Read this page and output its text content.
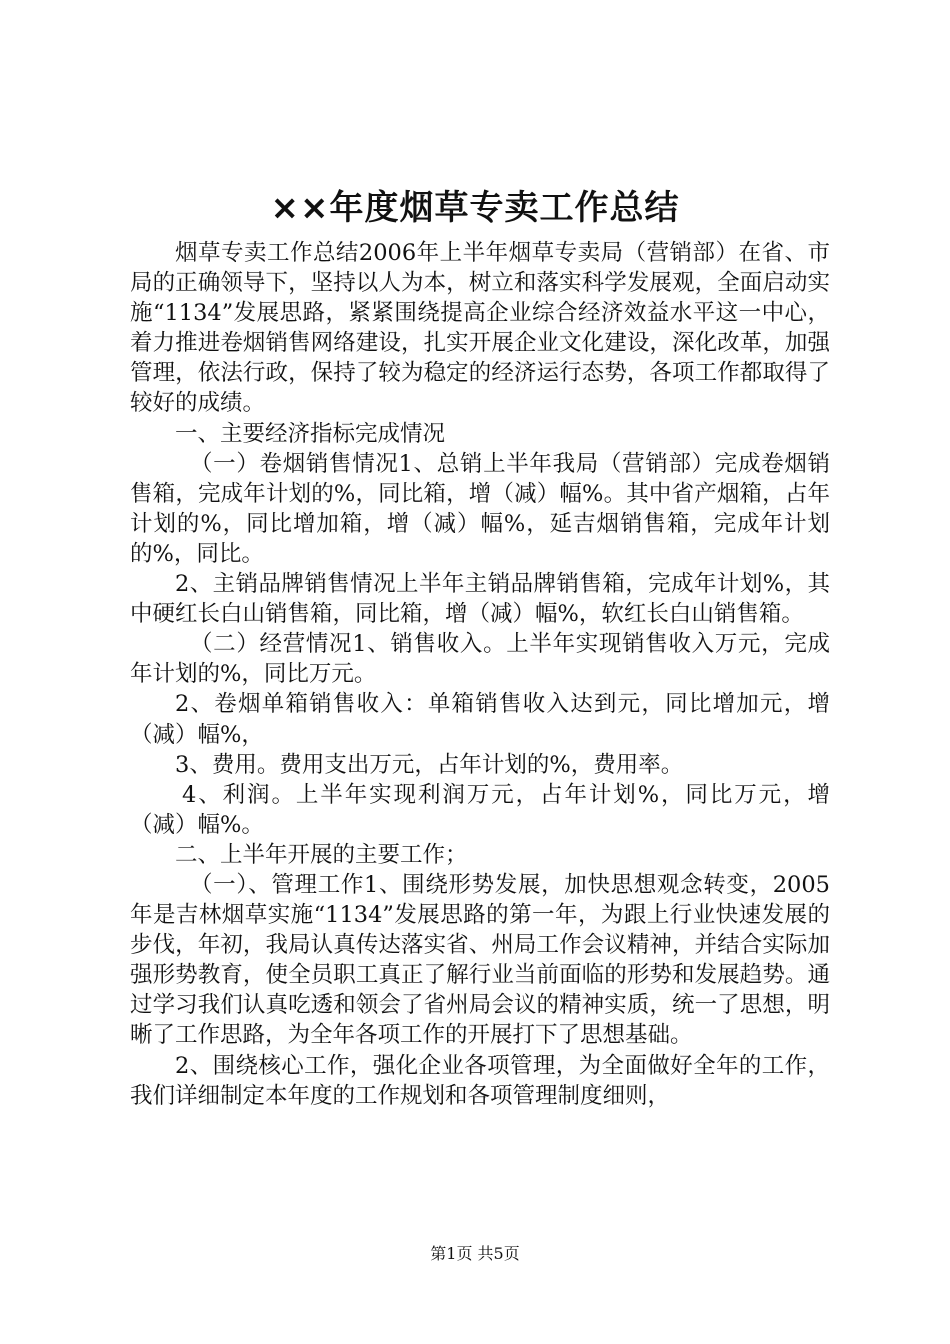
××年度烟草专卖工作总结

烟草专卖工作总结2006年上半年烟草专卖局（营销部）在省、市局的正确领导下，坚持以人为本，树立和落实科学发展观，全面启动实施“1134”发展思路，紧紧围绕提高企业综合经济效益水平这一中心，着力推进卷烟销售网络建设，扎实开展企业文化建设，深化改革，加强管理，依法行政，保持了较为稳定的经济运行态势，各项工作都取得了较好的成绩。

一、主要经济指标完成情况

（一）卷烟销售情况1、总销上半年我局（营销部）完成卷烟销售箱，完成年计划的%，同比箱，增（减）幅%。其中省产烟箱，占年计划的%，同比增加箱，增（减）幅%，延吉烟销售箱，完成年计划的%，同比。

2、主销品牌销售情况上半年主销品牌销售箱，完成年计划%，其中硬红长白山销售箱，同比箱，增（减）幅%，软红长白山销售箱。

（二）经营情况1、销售收入。上半年实现销售收入万元，完成年计划的%，同比万元。

2、卷烟单箱销售收入：单箱销售收入达到元，同比增加元，增（减）幅%，

3、费用。费用支出万元，占年计划的%，费用率。

4、利润。上半年实现利润万元，占年计划%，同比万元，增（减）幅%。

二、上半年开展的主要工作；

（一）、管理工作1、围绕形势发展，加快思想观念转变，2005年是吉林烟草实施“1134”发展思路的第一年，为跟上行业快速发展的步伐，年初，我局认真传达落实省、州局工作会议精神，并结合实际加强形势教育，使全员职工真正了解行业当前面临的形势和发展趋势。通过学习我们认真吃透和领会了省州局会议的精神实质，统一了思想，明晰了工作思路，为全年各项工作的开展打下了思想基础。

2、围绕核心工作，强化企业各项管理，为全面做好全年的工作，我们详细制定本年度的工作规划和各项管理制度细则，

第1页 共5页
